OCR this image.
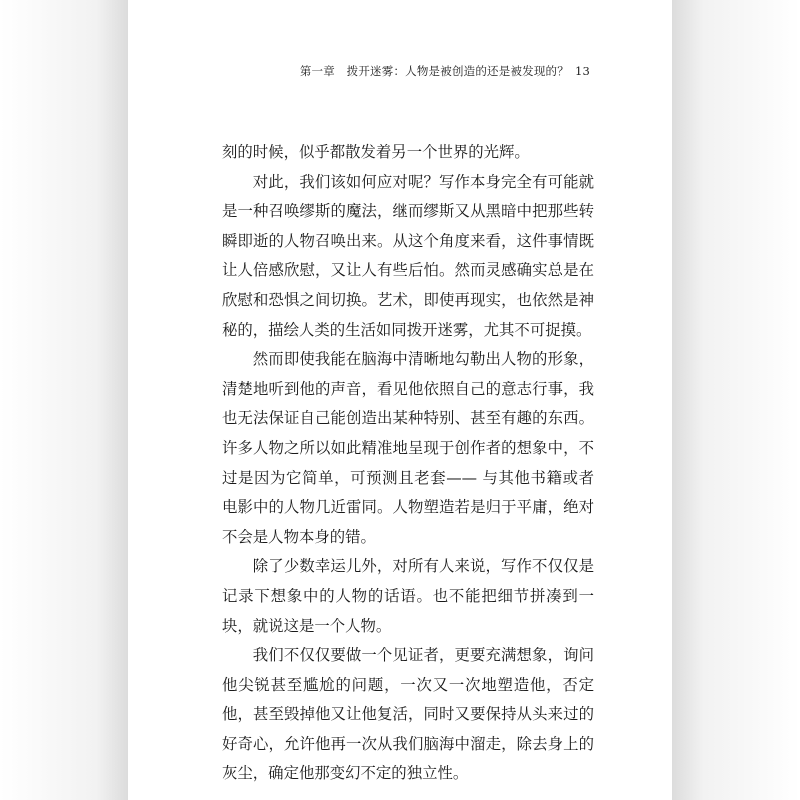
第一章　拨开迷雾：人物是被创造的还是被发现的？ 13

刻的时候，似乎都散发着另一个世界的光辉。

对此，我们该如何应对呢？写作本身完全有可能就是一种召唤缪斯的魔法，继而缪斯又从黑暗中把那些转瞬即逝的人物召唤出来。从这个角度来看，这件事情既让人倍感欣慰，又让人有些后怕。然而灵感确实总是在欣慰和恐惧之间切换。艺术，即使再现实，也依然是神秘的，描绘人类的生活如同拨开迷雾，尤其不可捉摸。

然而即使我能在脑海中清晰地勾勒出人物的形象，清楚地听到他的声音，看见他依照自己的意志行事，我也无法保证自己能创造出某种特别、甚至有趣的东西。许多人物之所以如此精准地呈现于创作者的想象中，不过是因为它简单，可预测且老套—— 与其他书籍或者电影中的人物几近雷同。人物塑造若是归于平庸，绝对不会是人物本身的错。

除了少数幸运儿外，对所有人来说，写作不仅仅是记录下想象中的人物的话语。也不能把细节拼凑到一块，就说这是一个人物。

我们不仅仅要做一个见证者，更要充满想象，询问他尖锐甚至尴尬的问题，一次又一次地塑造他，否定他，甚至毁掉他又让他复活，同时又要保持从头来过的好奇心，允许他再一次从我们脑海中溜走，除去身上的灰尘，确定他那变幻不定的独立性。
